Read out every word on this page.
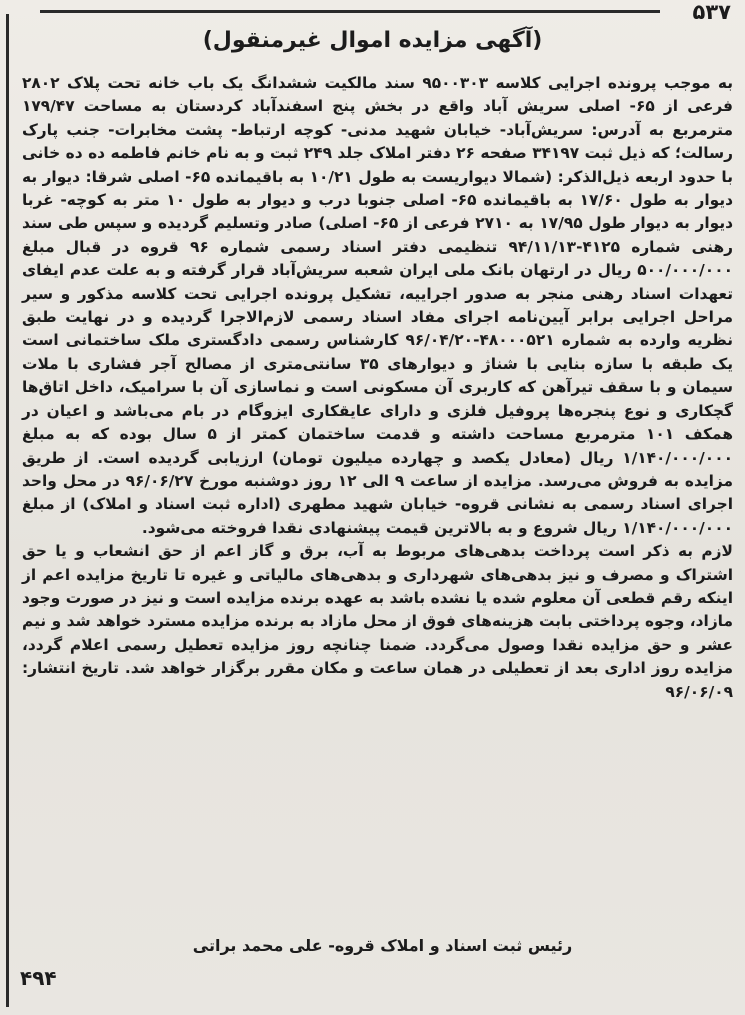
۵۳۷
(آگهی مزایده اموال غیرمنقول)

به موجب پرونده اجرایی کلاسه ۹۵۰۰۳۰۳ سند مالکیت ششدانگ یک باب خانه تحت پلاک ۲۸۰۲ فرعی از ۶۵- اصلی سریش آباد واقع در بخش پنج اسفندآباد کردستان به مساحت ۱۷۹/۴۷ مترمربع به آدرس: سریش‌آباد- خیابان شهید مدنی- کوچه ارتباط- پشت مخابرات- جنب پارک رسالت؛ که ذیل ثبت ۳۴۱۹۷ صفحه ۲۶ دفتر املاک جلد ۲۴۹ ثبت و به نام خانم فاطمه ده ده خانی با حدود اربعه ذیل‌الذکر: (شمالا دیواریست به طول ۱۰/۲۱ به باقیمانده ۶۵- اصلی شرقا: دیوار به دیوار به طول ۱۷/۶۰ به باقیمانده ۶۵- اصلی جنوبا درب و دیوار به طول ۱۰ متر به کوچه- غربا دیوار به دیوار طول ۱۷/۹۵ به ۲۷۱۰ فرعی از ۶۵- اصلی) صادر وتسلیم گردیده و سپس طی سند رهنی شماره ۴۱۲۵-۹۴/۱۱/۱۳ تنظیمی دفتر اسناد رسمی شماره ۹۶ قروه در قبال مبلغ ۵۰۰/۰۰۰/۰۰۰ ریال در ارتهان بانک ملی ایران شعبه سریش‌آباد قرار گرفته و به علت عدم ایفای تعهدات اسناد رهنی منجر به صدور اجراییه، تشکیل پرونده اجرایی تحت کلاسه مذکور و سیر مراحل اجرایی برابر آیین‌نامه اجرای مفاد اسناد رسمی لازم‌الاجرا گردیده و در نهایت طبق نظریه وارده به شماره ۴۸۰۰۰۵۲۱-۹۶/۰۴/۲۰ کارشناس رسمی دادگستری ملک ساختمانی است یک طبقه با سازه بنایی با شناژ و دیوارهای ۳۵ سانتی‌متری از مصالح آجر فشاری با ملات سیمان و با سقف تیرآهن که کاربری آن مسکونی است و نماسازی آن با سرامیک، داخل اتاق‌ها گچکاری و نوع پنجره‌ها پروفیل فلزی و دارای عایقکاری ایزوگام در بام می‌باشد و اعیان در همکف ۱۰۱ مترمربع مساحت داشته و قدمت ساختمان کمتر از ۵ سال بوده که به مبلغ ۱/۱۴۰/۰۰۰/۰۰۰ ریال (معادل یکصد و چهارده میلیون تومان) ارزیابی گردیده است. از طریق مزایده به فروش می‌رسد. مزایده از ساعت ۹ الی ۱۲ روز دوشنبه مورخ ۹۶/۰۶/۲۷ در محل واحد اجرای اسناد رسمی به نشانی قروه- خیابان شهید مطهری (اداره ثبت اسناد و املاک) از مبلغ ۱/۱۴۰/۰۰۰/۰۰۰ ریال شروع و به بالاترین قیمت پیشنهادی نقدا فروخته می‌شود.

لازم به ذکر است پرداخت بدهی‌های مربوط به آب، برق و گاز اعم از حق انشعاب و یا حق اشتراک و مصرف و نیز بدهی‌های شهرداری و بدهی‌های مالیاتی و غیره تا تاریخ مزایده اعم از اینکه رقم قطعی آن معلوم شده یا نشده باشد به عهده برنده مزایده است و نیز در صورت وجود مازاد، وجوه پرداختی بابت هزینه‌های فوق از محل مازاد به برنده مزایده مسترد خواهد شد و نیم عشر و حق مزایده نقدا وصول می‌گردد. ضمنا چنانچه روز مزایده تعطیل رسمی اعلام گردد، مزایده روز اداری بعد از تعطیلی در همان ساعت و مکان مقرر برگزار خواهد شد. تاریخ انتشار: ۹۶/۰۶/۰۹

رئیس ثبت اسناد و املاک قروه- علی محمد براتی
۴۹۴
